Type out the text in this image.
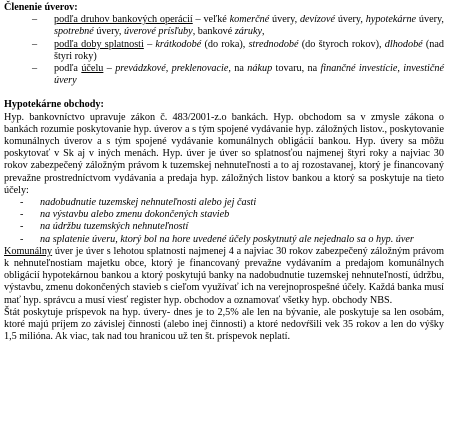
Členenie úverov:
– podľa druhov bankových operácií – veľké komerčné úvery, devízové úvery, hypotekárne úvery, spotrebné úvery, úverové prísľuby, bankové záruky,
– podľa doby splatnosti – krátkodobé (do roka), strednodobé (do štyroch rokov), dlhodobé (nad štyri roky)
– podľa účelu – prevádzkové, preklenovacie, na nákup tovaru, na finančné investície, investičné úvery
Hypotekárne obchody:
Hyp. bankovníctvo upravuje zákon č. 483/2001-z.o bankách. Hyp. obchodom sa v zmysle zákona o bankách rozumie poskytovanie hyp. úverov a s tým spojené vydávanie hyp. záložných listov., poskytovanie komunálnych úverov a s tým spojené vydávanie komunálnych obligácií bankou. Hyp. úvery sa môžu poskytovať v Sk aj v iných menách. Hyp. úver je úver so splatnosťou najmenej štyri roky a najviac 30 rokov zabezpečený záložným právom k tuzemskej nehnuteľnosti a to aj rozostavanej, ktorý je financovaný prevažne prostredníctvom vydávania a predaja hyp. záložných listov bankou a ktorý sa poskytuje na tieto účely:
- nadobudnutie tuzemskej nehnuteľnosti alebo jej časti
- na výstavbu alebo zmenu dokončených stavieb
- na údržbu tuzemských nehnuteľností
- na splatenie úveru, ktorý bol na hore uvedené účely poskytnutý ale nejednalo sa o hyp. úver
Komunálny úver je úver s lehotou splatnosti najmenej 4 a najviac 30 rokov zabezpečený záložným právom k nehnuteľnostiam majetku obce, ktorý je financovaný prevažne vydávaním a predajom komunálnych obligácií hypotekárnou bankou a ktorý poskytujú banky na nadobudnutie tuzemskej nehnuteľností, údržbu, výstavbu, zmenu dokončených stavieb s cieľom využívať ich na verejnoprospešné účely. Každá banka musí mať hyp. správcu a musí viesť register hyp. obchodov a oznamovať všetky hyp. obchody NBS.
Štát poskytuje príspevok na hyp. úvery- dnes je to 2,5% ale len na bývanie, ale poskytuje sa len osobám, ktoré majú príjem zo závislej činnosti (alebo inej činnosti) a ktoré nedovŕšili vek 35 rokov a len do výšky 1,5 milióna. Ak viac, tak nad tou hranicou už ten št. príspevok neplatí.
